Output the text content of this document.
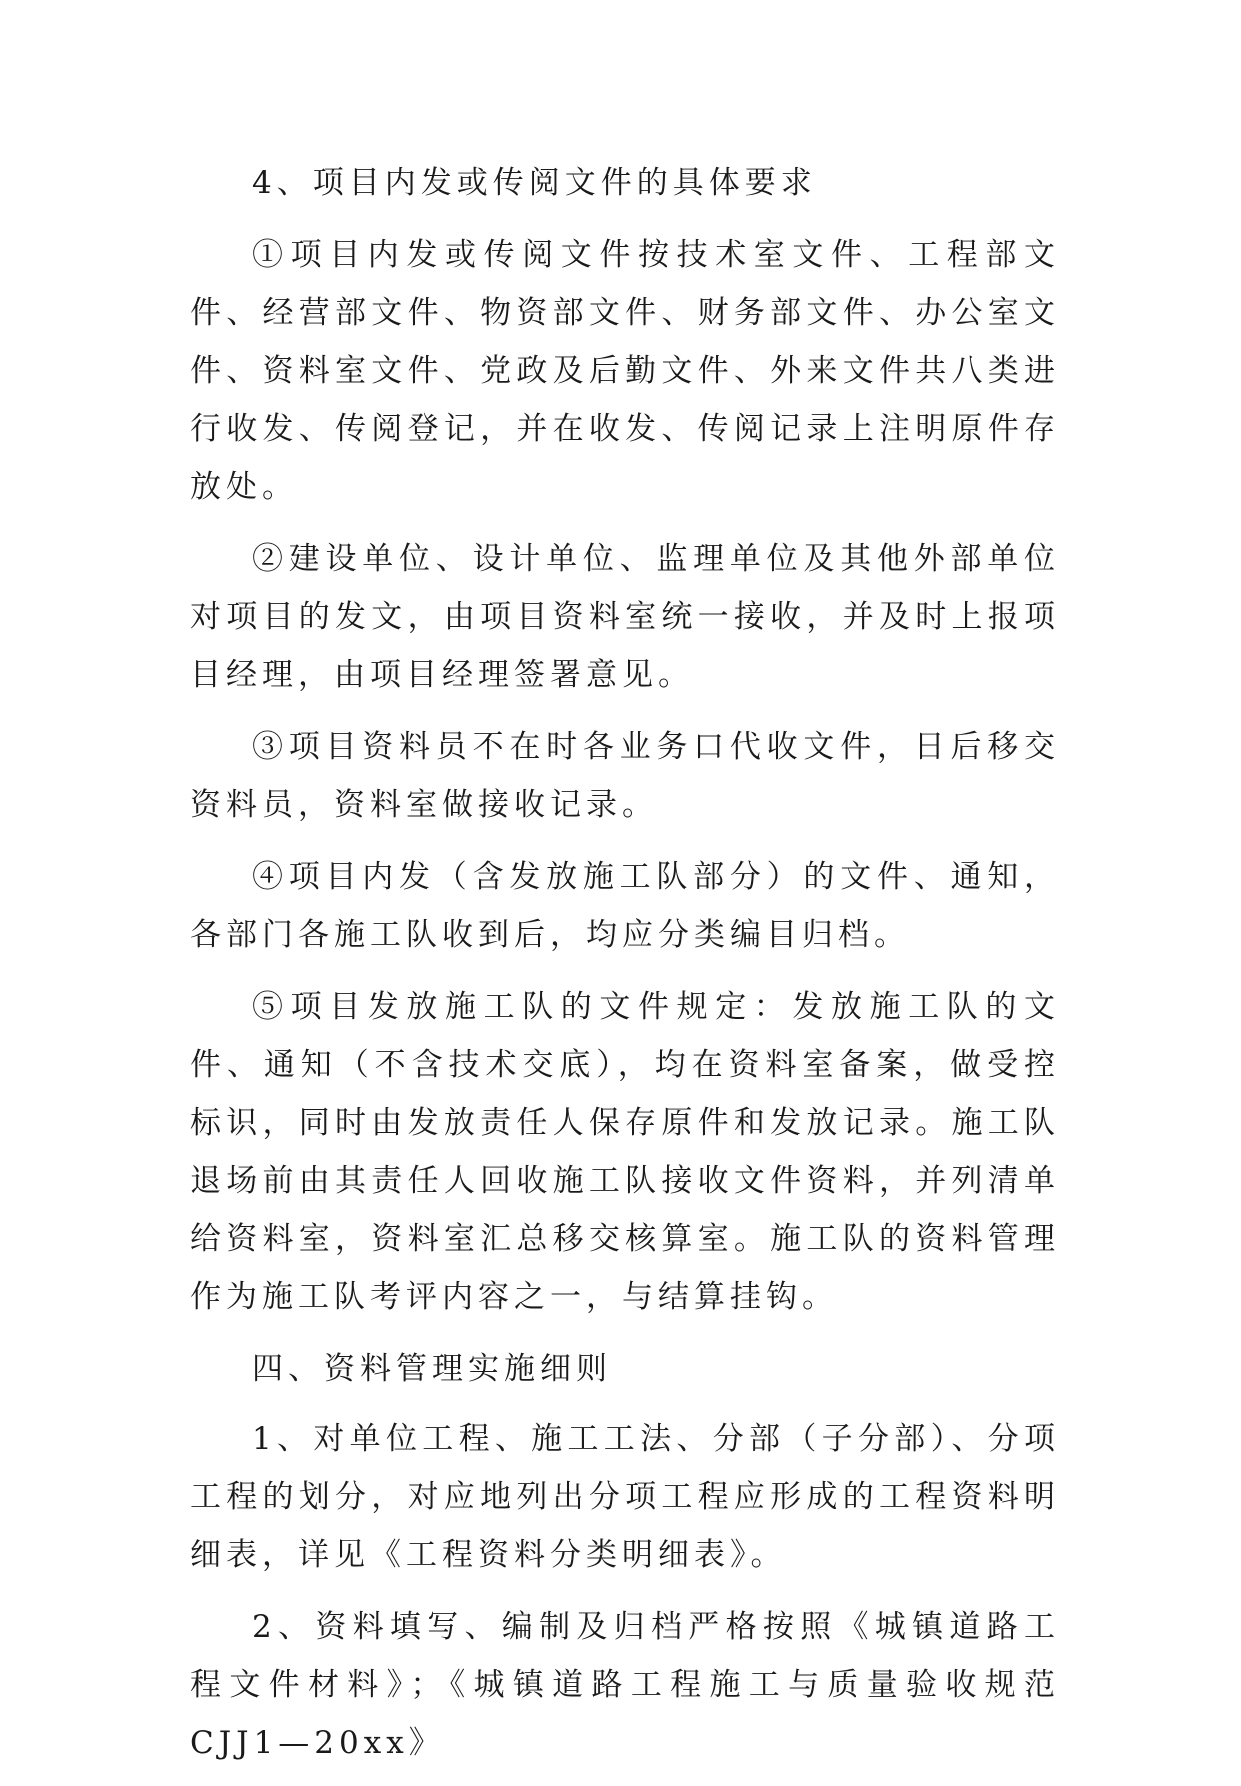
4、项目内发或传阅文件的具体要求

①项目内发或传阅文件按技术室文件、工程部文件、经营部文件、物资部文件、财务部文件、办公室文件、资料室文件、党政及后勤文件、外来文件共八类进行收发、传阅登记，并在收发、传阅记录上注明原件存放处。

②建设单位、设计单位、监理单位及其他外部单位对项目的发文，由项目资料室统一接收，并及时上报项目经理，由项目经理签署意见。

③项目资料员不在时各业务口代收文件，日后移交资料员，资料室做接收记录。

④项目内发（含发放施工队部分）的文件、通知，各部门各施工队收到后，均应分类编目归档。

⑤项目发放施工队的文件规定：发放施工队的文件、通知（不含技术交底），均在资料室备案，做受控标识，同时由发放责任人保存原件和发放记录。施工队退场前由其责任人回收施工队接收文件资料，并列清单给资料室，资料室汇总移交核算室。施工队的资料管理作为施工队考评内容之一，与结算挂钩。

四、资料管理实施细则

1、对单位工程、施工工法、分部（子分部）、分项工程的划分，对应地列出分项工程应形成的工程资料明细表，详见《工程资料分类明细表》。

2、资料填写、编制及归档严格按照《城镇道路工程文件材料》；《城镇道路工程施工与质量验收规范 CJJ1—20xx》
